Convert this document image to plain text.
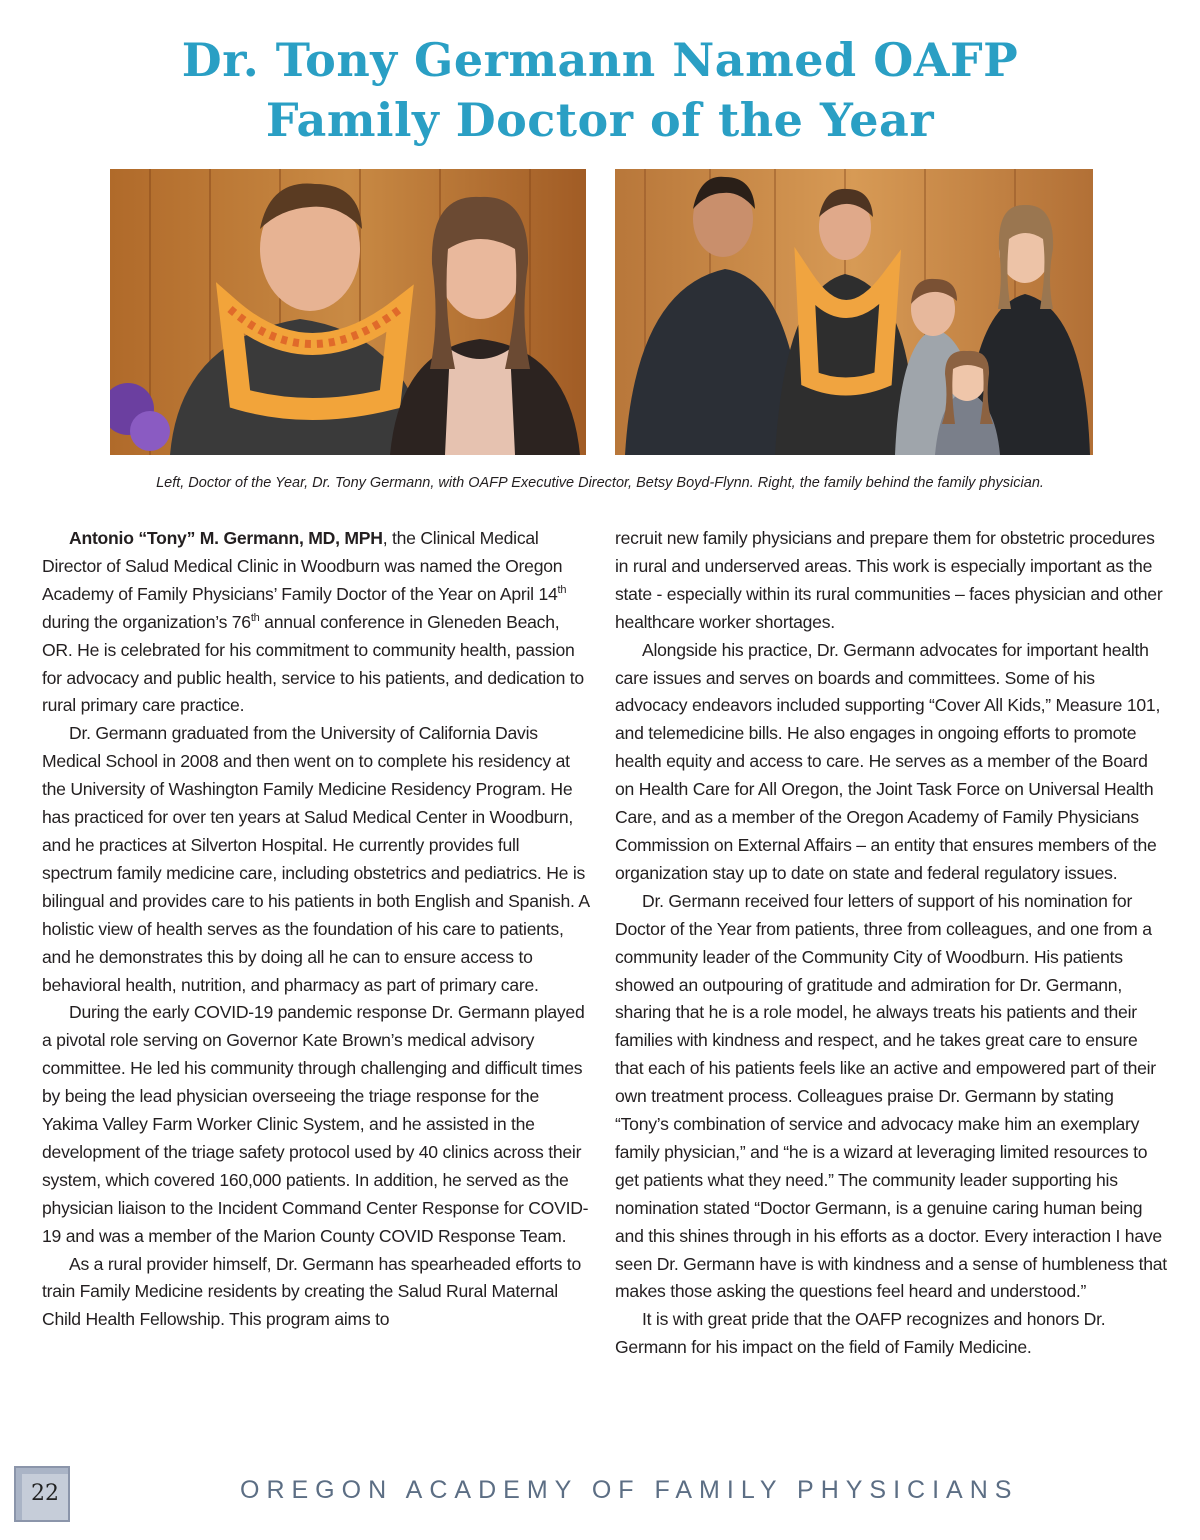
Dr. Tony Germann Named OAFP
Family Doctor of the Year
Left, Doctor of the Year, Dr. Tony Germann, with OAFP Executive Director, Betsy Boyd-Flynn. Right, the family behind the family physician.

Antonio “Tony” M. Germann, MD, MPH, the Clinical Medical Director of Salud Medical Clinic in Woodburn was named the Oregon Academy of Family Physicians’ Family Doctor of the Year on April 14th during the organization’s 76th annual conference in Gleneden Beach, OR. He is celebrated for his commitment to community health, passion for advocacy and public health, service to his patients, and dedication to rural primary care practice.

Dr. Germann graduated from the University of California Davis Medical School in 2008 and then went on to complete his residency at the University of Washington Family Medicine Residency Program. He has practiced for over ten years at Salud Medical Center in Woodburn, and he practices at Silverton Hospital. He currently provides full spectrum family medicine care, including obstetrics and pediatrics. He is bilingual and provides care to his patients in both English and Spanish. A holistic view of health serves as the foundation of his care to patients, and he demonstrates this by doing all he can to ensure access to behavioral health, nutrition, and pharmacy as part of primary care.

During the early COVID-19 pandemic response Dr. Germann played a pivotal role serving on Governor Kate Brown’s medical advisory committee. He led his community through challenging and difficult times by being the lead physician overseeing the triage response for the Yakima Valley Farm Worker Clinic System, and he assisted in the development of the triage safety protocol used by 40 clinics across their system, which covered 160,000 patients. In addition, he served as the physician liaison to the Incident Command Center Response for COVID-19 and was a member of the Marion County COVID Response Team.

As a rural provider himself, Dr. Germann has spearheaded efforts to train Family Medicine residents by creating the Salud Rural Maternal Child Health Fellowship. This program aims to

recruit new family physicians and prepare them for obstetric procedures in rural and underserved areas. This work is especially important as the state - especially within its rural communities – faces physician and other healthcare worker shortages.

Alongside his practice, Dr. Germann advocates for important health care issues and serves on boards and committees. Some of his advocacy endeavors included supporting “Cover All Kids,” Measure 101, and telemedicine bills. He also engages in ongoing efforts to promote health equity and access to care. He serves as a member of the Board on Health Care for All Oregon, the Joint Task Force on Universal Health Care, and as a member of the Oregon Academy of Family Physicians Commission on External Affairs – an entity that ensures members of the organization stay up to date on state and federal regulatory issues.

Dr. Germann received four letters of support of his nomination for Doctor of the Year from patients, three from colleagues, and one from a community leader of the Community City of Woodburn. His patients showed an outpouring of gratitude and admiration for Dr. Germann, sharing that he is a role model, he always treats his patients and their families with kindness and respect, and he takes great care to ensure that each of his patients feels like an active and empowered part of their own treatment process. Colleagues praise Dr. Germann by stating “Tony’s combination of service and advocacy make him an exemplary family physician,” and “he is a wizard at leveraging limited resources to get patients what they need.” The community leader supporting his nomination stated “Doctor Germann, is a genuine caring human being and this shines through in his efforts as a doctor. Every interaction I have seen Dr. Germann have is with kindness and a sense of humbleness that makes those asking the questions feel heard and understood.”

It is with great pride that the OAFP recognizes and honors Dr. Germann for his impact on the field of Family Medicine.

22	OREGON ACADEMY OF FAMILY PHYSICIANS
